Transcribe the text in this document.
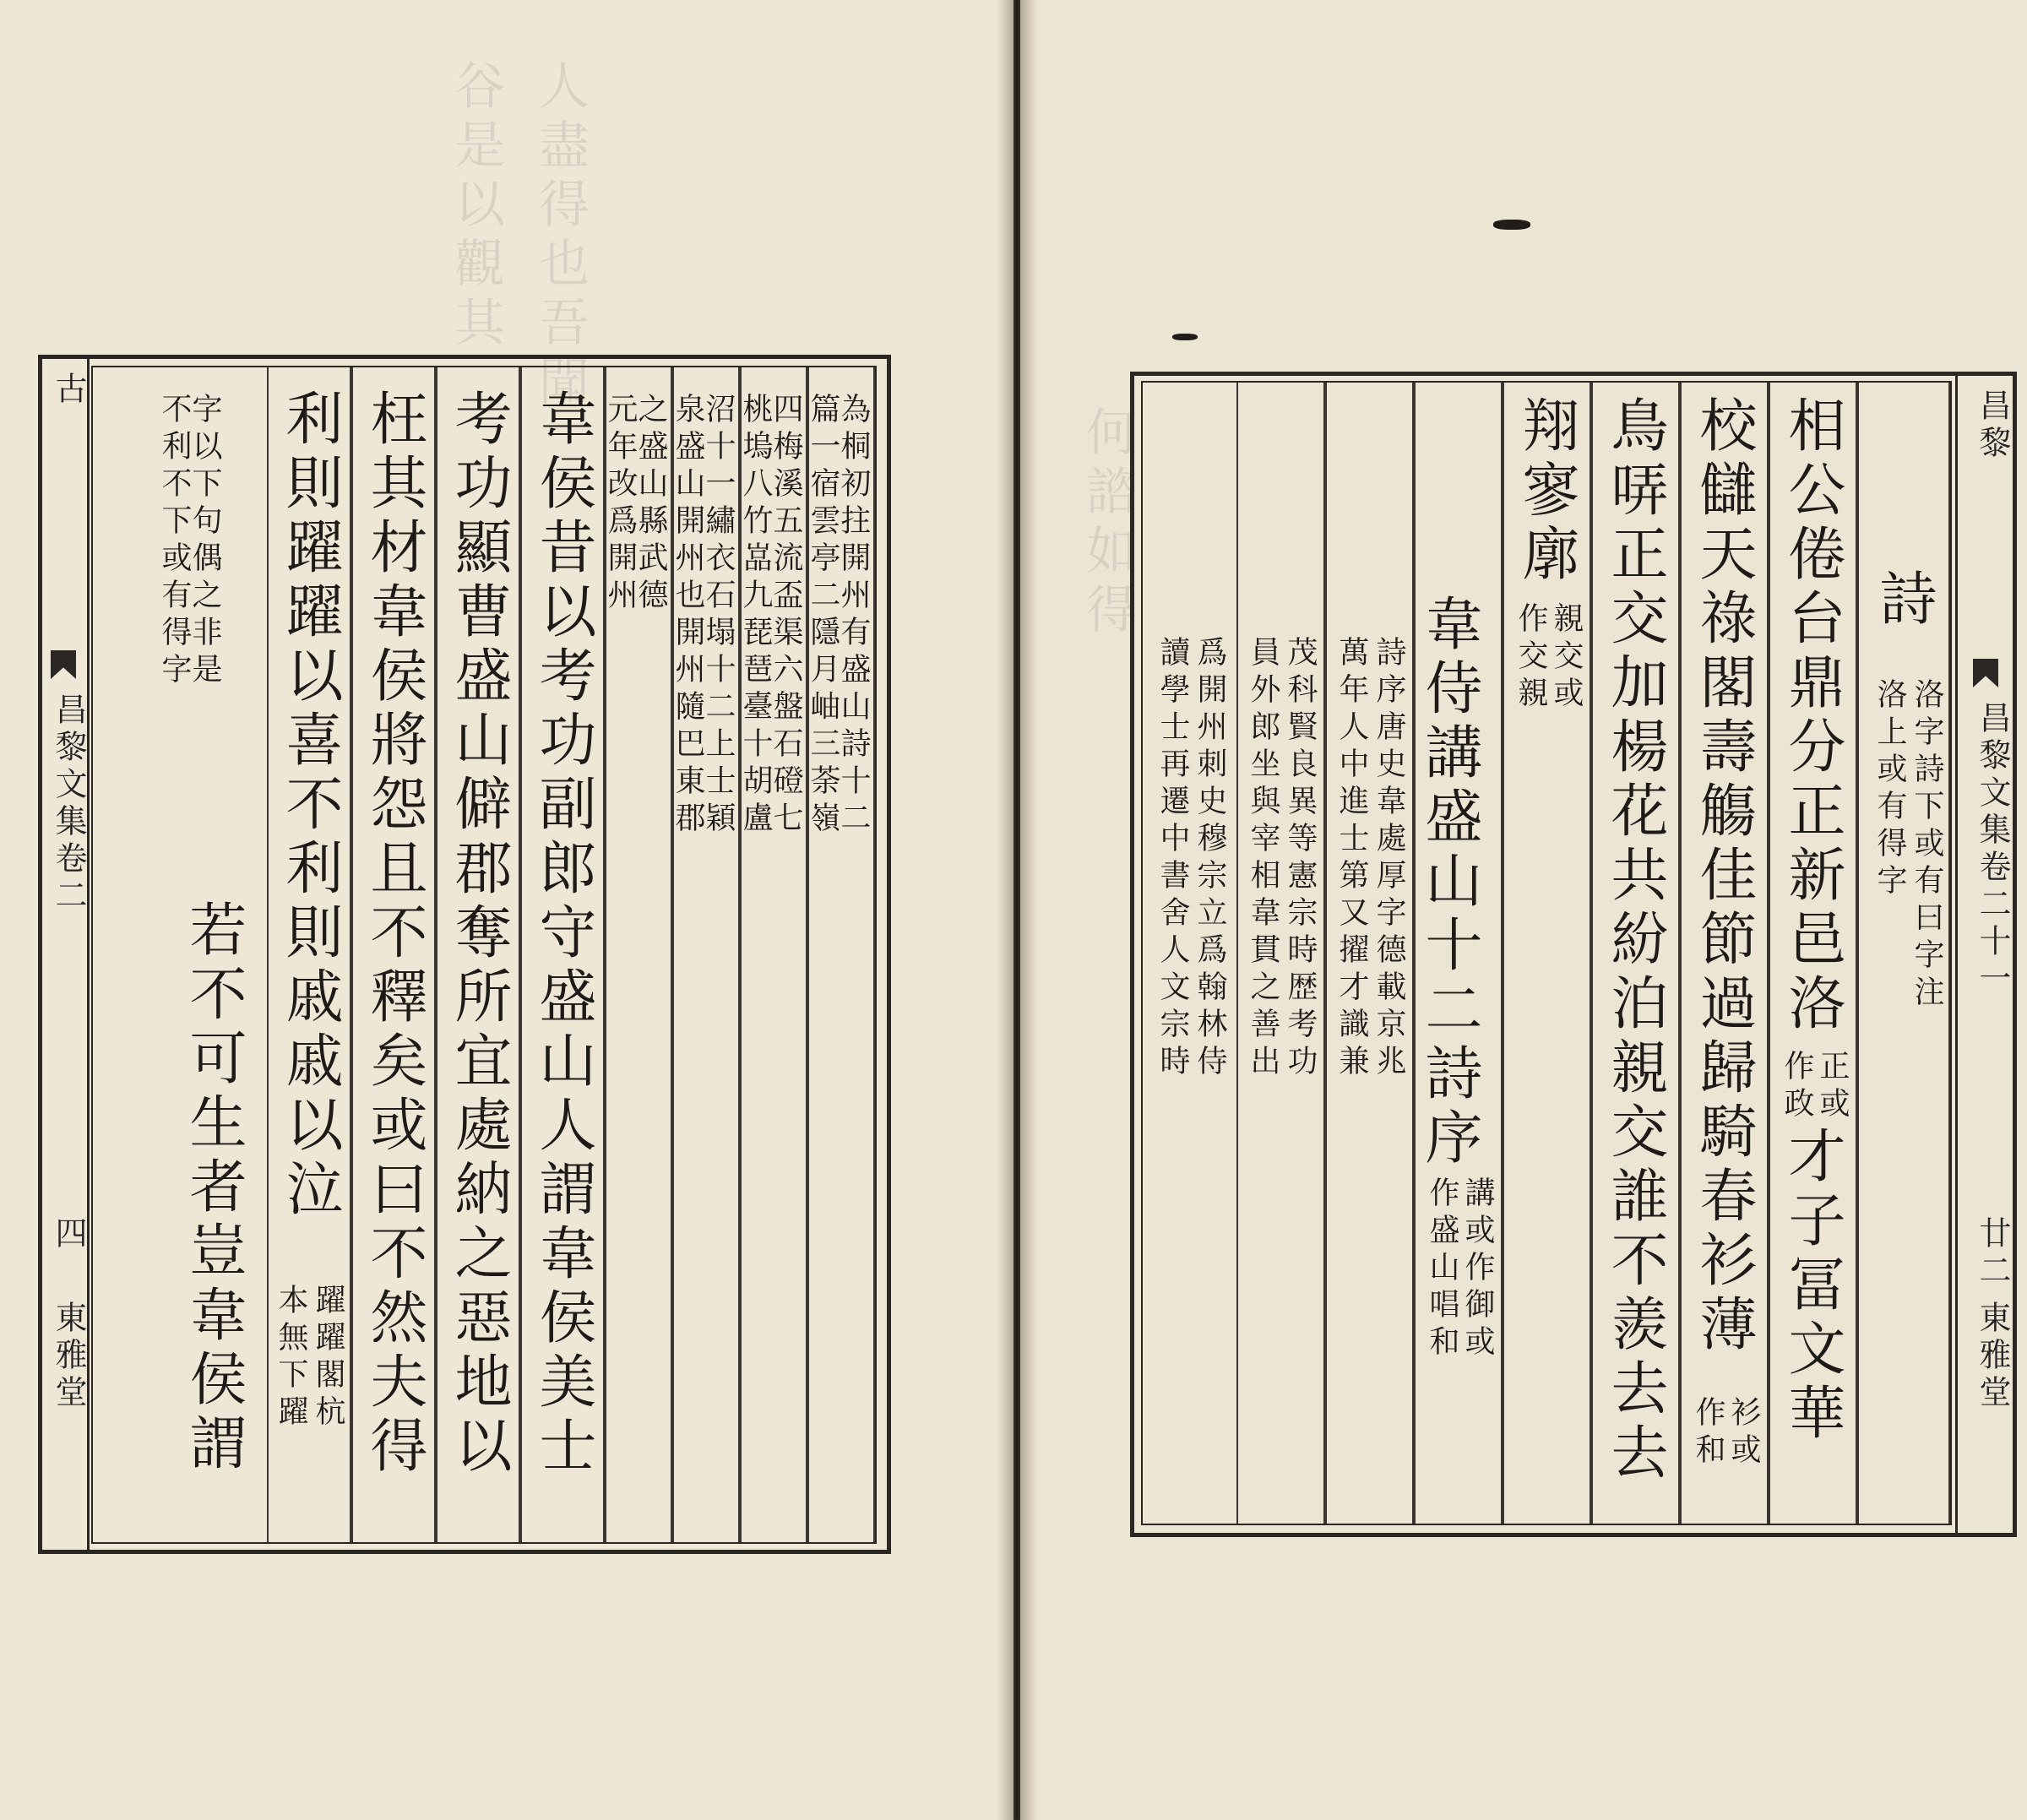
人盡得也吾聞
谷是以觀其
古
昌黎文集卷二
四
東雅堂
為桐初拄開州有盛山詩十二
篇一宿雲亭二隱月岫三荼嶺
四梅溪五流盃渠六盤石磴七
桃塢八竹嵓九琵琶臺十胡盧
沼十一繡衣石塌十二上士穎
泉盛山開州也開州隨巴東郡
之盛山縣武德
元年改爲開州
韋侯昔以考功副郎守盛山人謂韋侯美士
考功顯曹盛山僻郡奪所宜處納之惡地以
枉其材韋侯將怨且不釋矣或曰不然夫得
利則躍躍以喜不利則戚戚以泣
躍躍閣杭
本無下躍
字以下句偶之非是
不利不下或有得字
若不可生者豈韋侯謂
何諮如得	詩
洛字詩下或有曰字注
洛上或有得字
相公倦台鼎分正新邑洛
正或
作政
才子冨文華
校讎天祿閣壽觴佳節過歸騎春衫薄
衫或
作和
鳥哢正交加楊花共紛泊親交誰不羨去去
翔寥廓
親交或
作交親
韋侍講盛山十二詩序
講或作御或
作盛山唱和
詩序唐史韋處厚字德載京兆
萬年人中進士第又擢才識兼
茂科賢良異等憲宗時歴考功
員外郎坐與宰相韋貫之善出
爲開州刺史穆宗立爲翰林侍
讀學士再遷中書舍人文宗時
昌黎
昌黎文集卷二十一
廿二
東雅堂
